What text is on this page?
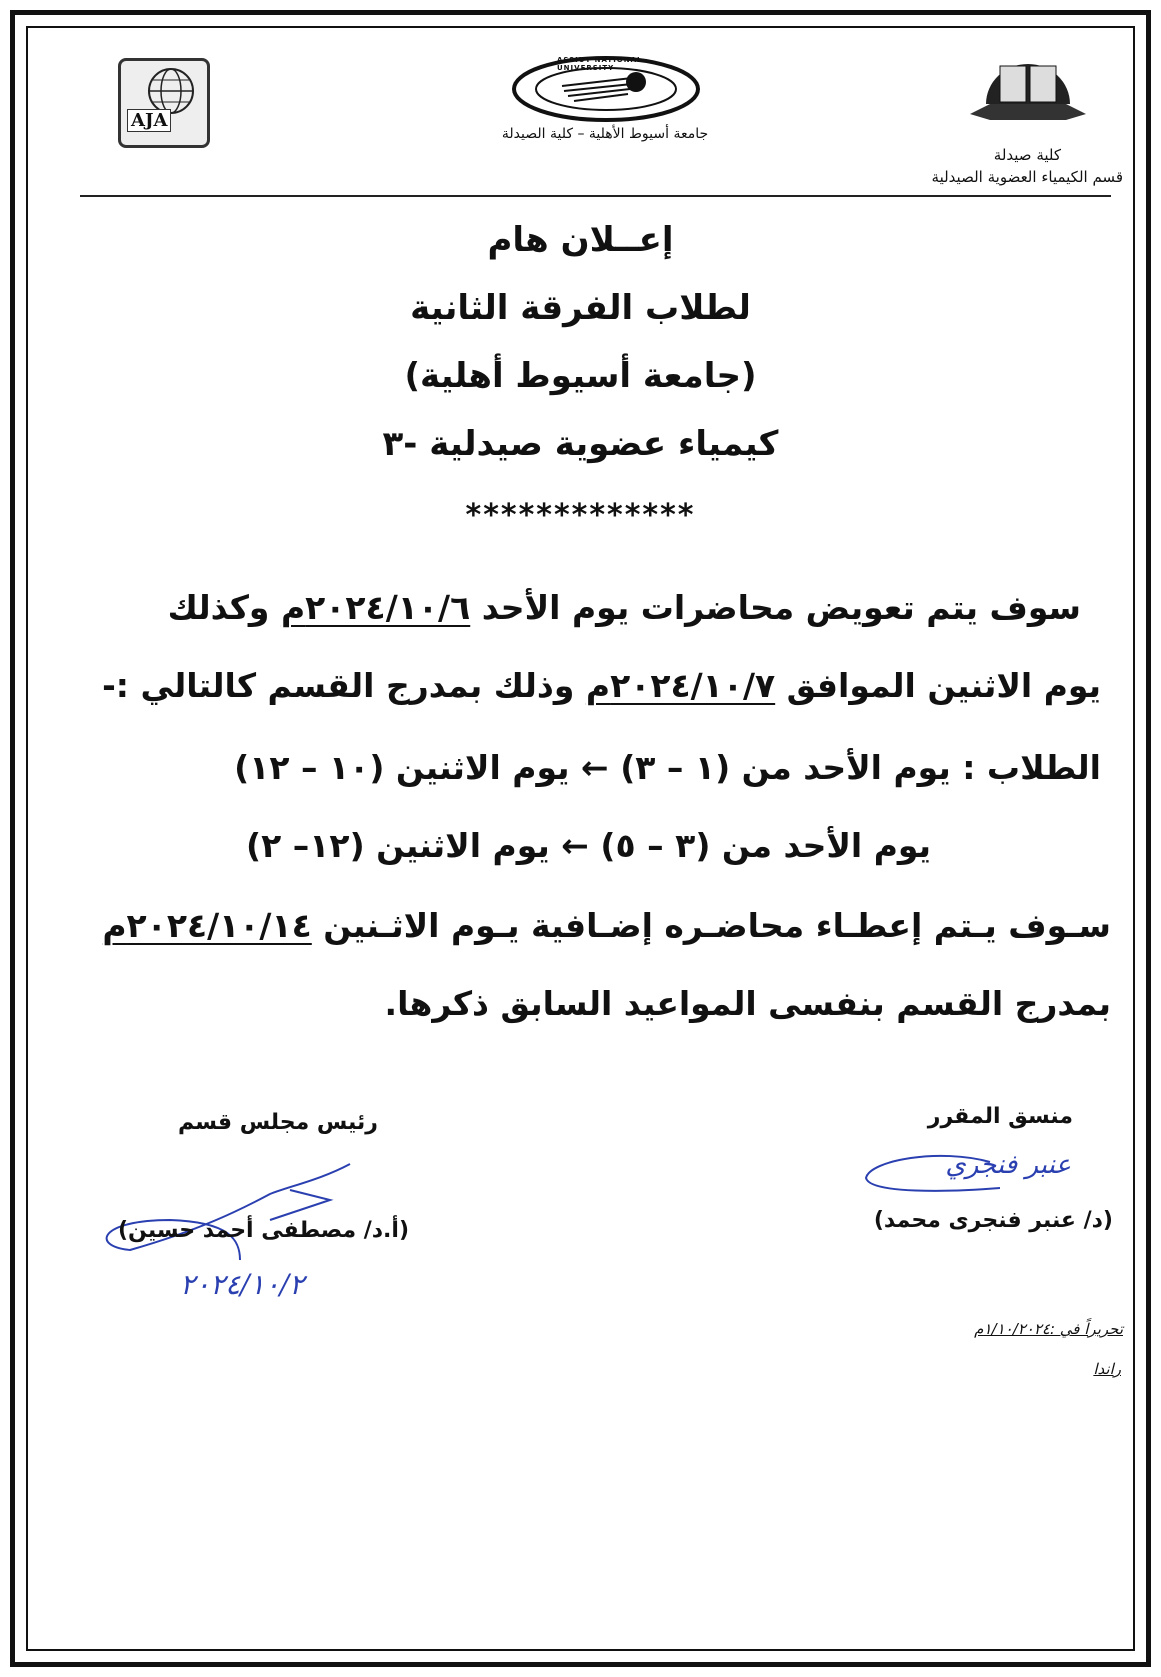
AJA
ASSIUT NATIONAL UNIVERSITY
جامعة أسيوط الأهلية – كلية الصيدلة
كلية صيدلة
قسم الكيمياء العضوية الصيدلية
إعــلان هام
لطلاب الفرقة الثانية
(جامعة أسيوط أهلية)
كيمياء عضوية صيدلية -٣
*************
سوف يتم تعويض محاضرات يوم الأحد ٢٠٢٤/١٠/٦م وكذلك
يوم الاثنين الموافق ٢٠٢٤/١٠/٧م وذلك بمدرج القسم كالتالي :-
الطلاب : يوم الأحد من (١ – ٣) ← يوم الاثنين (١٠ – ١٢)
يوم الأحد من (٣ – ٥) ← يوم الاثنين (١٢– ٢)
سـوف يـتم إعطـاء محاضـره إضـافية يـوم الاثـنين ٢٠٢٤/١٠/١٤م
بمدرج القسم بنفسى المواعيد السابق ذكرها.
منسق المقرر
عنبر فنجري
(د/ عنبر فنجرى محمد)
رئيس مجلس قسم
(أ.د/ مصطفى أحمد حسين)
٢٠٢٤/١٠/٢
تحريراً في :١/١٠/٢٠٢٤م
راندا
